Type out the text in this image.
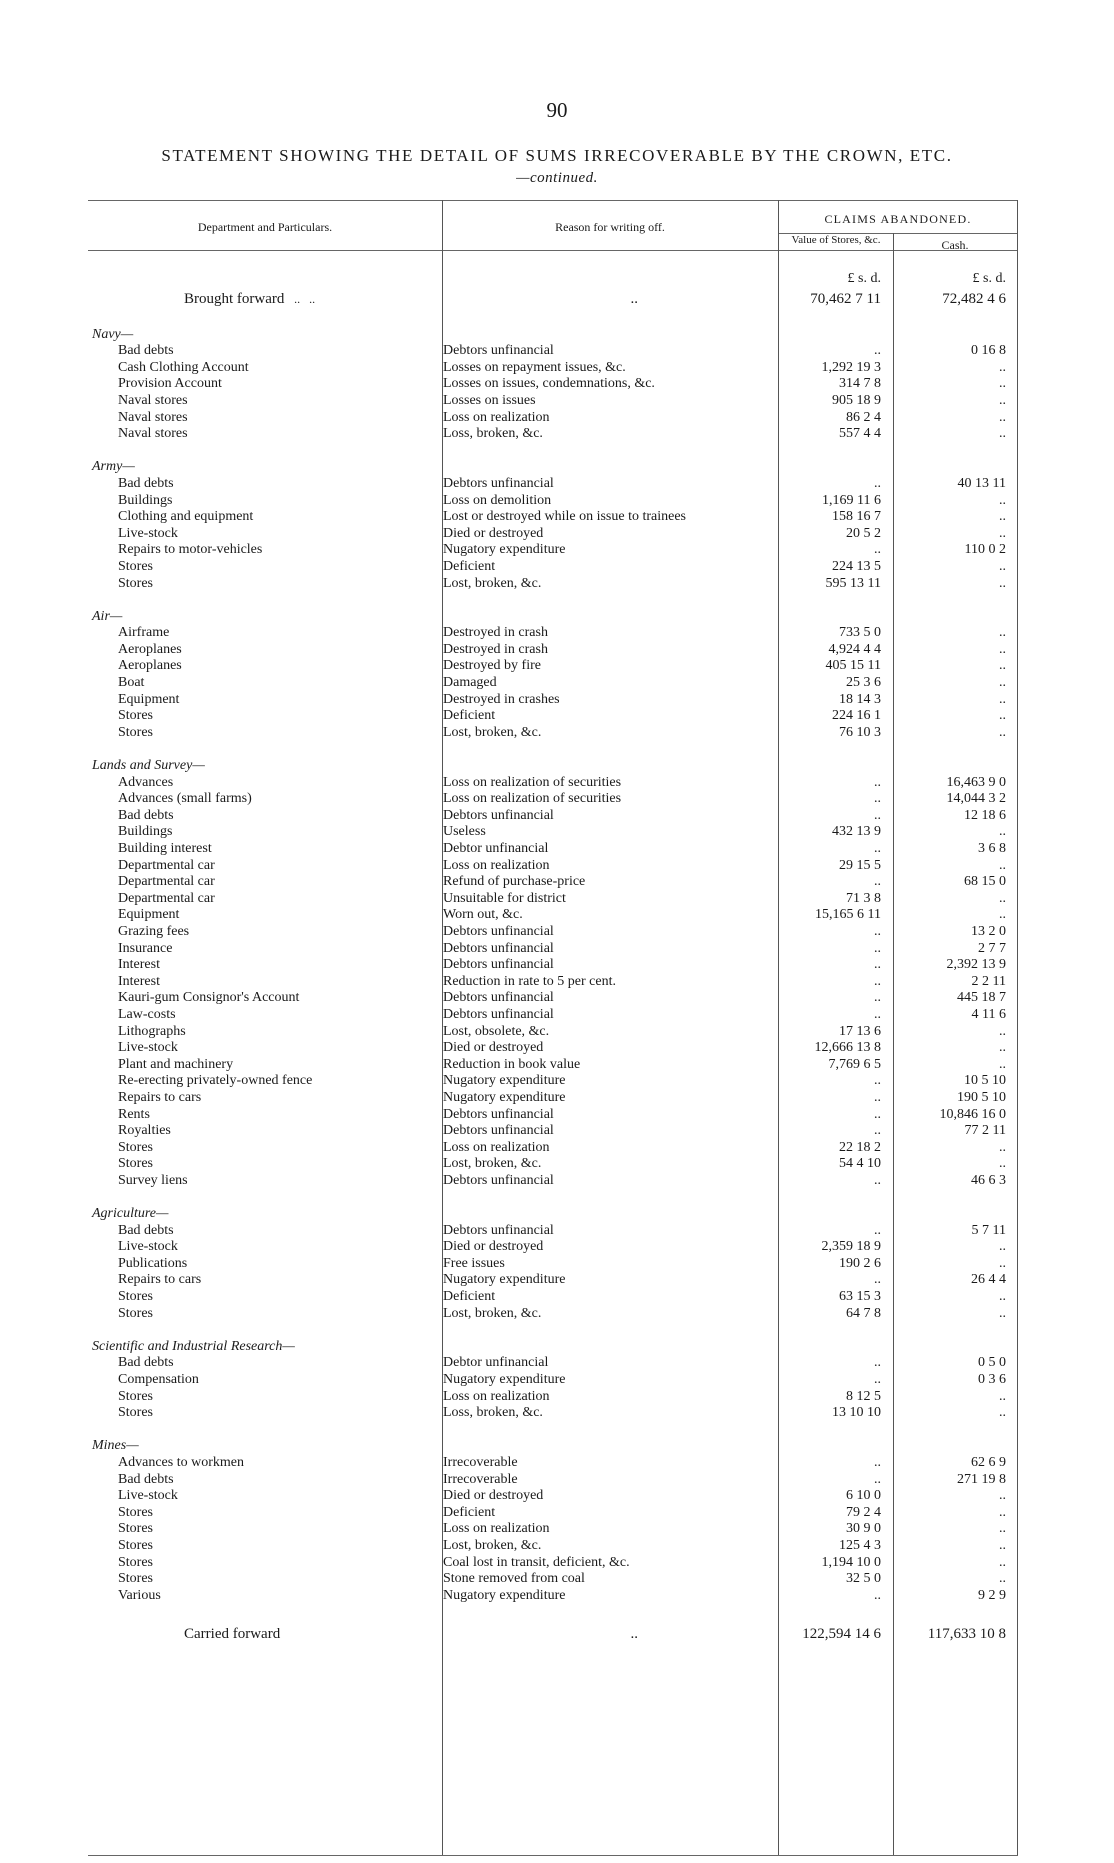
90
STATEMENT SHOWING THE DETAIL OF SUMS IRRECOVERABLE BY THE CROWN, ETC.
—continued.
Department and Particulars.	Reason for writing off.
CLAIMS ABANDONED.
Value of Stores, &c.	Cash.
		£ s. d.	£ s. d.
Brought forward   ..   ..	..	70,462 7 11	72,482 4 6

Navy—			
Bad debts	Debtors unfinancial	..	0 16 8
Cash Clothing Account	Losses on repayment issues, &c.	1,292 19 3	..
Provision Account	Losses on issues, condemnations, &c.	314 7 8	..
Naval stores	Losses on issues	905 18 9	..
Naval stores	Loss on realization	86 2 4	..
Naval stores	Loss, broken, &c.	557 4 4	..

Army—			
Bad debts	Debtors unfinancial	..	40 13 11
Buildings	Loss on demolition	1,169 11 6	..
Clothing and equipment	Lost or destroyed while on issue to trainees	158 16 7	..
Live-stock	Died or destroyed	20 5 2	..
Repairs to motor-vehicles	Nugatory expenditure	..	110 0 2
Stores	Deficient	224 13 5	..
Stores	Lost, broken, &c.	595 13 11	..

Air—			
Airframe	Destroyed in crash	733 5 0	..
Aeroplanes	Destroyed in crash	4,924 4 4	..
Aeroplanes	Destroyed by fire	405 15 11	..
Boat	Damaged	25 3 6	..
Equipment	Destroyed in crashes	18 14 3	..
Stores	Deficient	224 16 1	..
Stores	Lost, broken, &c.	76 10 3	..

Lands and Survey—			
Advances	Loss on realization of securities	..	16,463 9 0
Advances (small farms)	Loss on realization of securities	..	14,044 3 2
Bad debts	Debtors unfinancial	..	12 18 6
Buildings	Useless	432 13 9	..
Building interest	Debtor unfinancial	..	3 6 8
Departmental car	Loss on realization	29 15 5	..
Departmental car	Refund of purchase-price	..	68 15 0
Departmental car	Unsuitable for district	71 3 8	..
Equipment	Worn out, &c.	15,165 6 11	..
Grazing fees	Debtors unfinancial	..	13 2 0
Insurance	Debtors unfinancial	..	2 7 7
Interest	Debtors unfinancial	..	2,392 13 9
Interest	Reduction in rate to 5 per cent.	..	2 2 11
Kauri-gum Consignor's Account	Debtors unfinancial	..	445 18 7
Law-costs	Debtors unfinancial	..	4 11 6
Lithographs	Lost, obsolete, &c.	17 13 6	..
Live-stock	Died or destroyed	12,666 13 8	..
Plant and machinery	Reduction in book value	7,769 6 5	..
Re-erecting privately-owned fence	Nugatory expenditure	..	10 5 10
Repairs to cars	Nugatory expenditure	..	190 5 10
Rents	Debtors unfinancial	..	10,846 16 0
Royalties	Debtors unfinancial	..	77 2 11
Stores	Loss on realization	22 18 2	..
Stores	Lost, broken, &c.	54 4 10	..
Survey liens	Debtors unfinancial	..	46 6 3

Agriculture—			
Bad debts	Debtors unfinancial	..	5 7 11
Live-stock	Died or destroyed	2,359 18 9	..
Publications	Free issues	190 2 6	..
Repairs to cars	Nugatory expenditure	..	26 4 4
Stores	Deficient	63 15 3	..
Stores	Lost, broken, &c.	64 7 8	..

Scientific and Industrial Research—			
Bad debts	Debtor unfinancial	..	0 5 0
Compensation	Nugatory expenditure	..	0 3 6
Stores	Loss on realization	8 12 5	..
Stores	Loss, broken, &c.	13 10 10	..

Mines—			
Advances to workmen	Irrecoverable	..	62 6 9
Bad debts	Irrecoverable	..	271 19 8
Live-stock	Died or destroyed	6 10 0	..
Stores	Deficient	79 2 4	..
Stores	Loss on realization	30 9 0	..
Stores	Lost, broken, &c.	125 4 3	..
Stores	Coal lost in transit, deficient, &c.	1,194 10 0	..
Stores	Stone removed from coal	32 5 0	..
Various	Nugatory expenditure	..	9 2 9

Carried forward	..	122,594 14 6	117,633 10 8
